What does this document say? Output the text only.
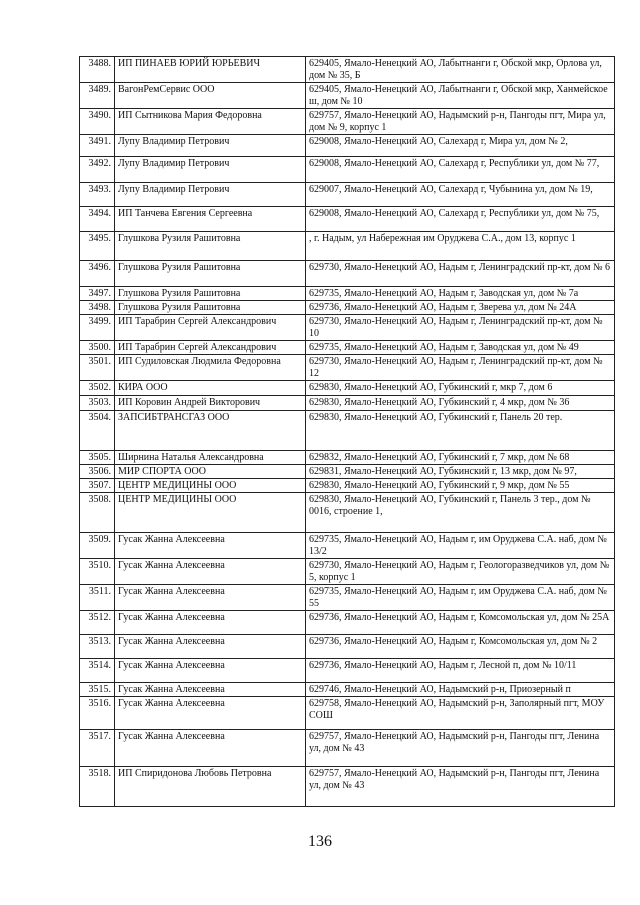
3488.	ИП ПИНАЕВ ЮРИЙ ЮРЬЕВИЧ	629405, Ямало-Ненецкий АО, Лабытнанги г, Обской мкр, Орлова ул, дом № 35, Б
3489.	ВагонРемСервис ООО	629405, Ямало-Ненецкий АО, Лабытнанги г, Обской мкр, Ханмейское ш, дом № 10
3490.	ИП Сытникова Мария Федоровна	629757, Ямало-Ненецкий АО, Надымский р-н, Пангоды пгт, Мира ул, дом № 9, корпус 1
3491.	Лупу Владимир Петрович	629008, Ямало-Ненецкий АО, Салехард г, Мира ул, дом № 2,
3492.	Лупу Владимир Петрович	629008, Ямало-Ненецкий АО, Салехард г, Республики ул, дом № 77,
3493.	Лупу Владимир Петрович	629007, Ямало-Ненецкий АО, Салехард г, Чубынина ул, дом № 19,
3494.	ИП Танчева Евгения Сергеевна	629008, Ямало-Ненецкий АО, Салехард г, Республики ул, дом № 75,
3495.	Глушкова Рузиля Рашитовна	, г. Надым, ул Набережная им Оруджева С.А., дом 13, корпус 1
3496.	Глушкова Рузиля Рашитовна	629730, Ямало-Ненецкий АО, Надым г, Ленинградский пр-кт, дом № 6
3497.	Глушкова Рузиля Рашитовна	629735, Ямало-Ненецкий АО, Надым г, Заводская ул, дом № 7а
3498.	Глушкова Рузиля Рашитовна	629736, Ямало-Ненецкий АО, Надым г, Зверева ул, дом № 24А
3499.	ИП Тарабрин Сергей Александрович	629730, Ямало-Ненецкий АО, Надым г, Ленинградский пр-кт, дом № 10
3500.	ИП Тарабрин Сергей Александрович	629735, Ямало-Ненецкий АО, Надым г, Заводская ул, дом № 49
3501.	ИП Судиловская Людмила Федоровна	629730, Ямало-Ненецкий АО, Надым г, Ленинградский пр-кт, дом № 12
3502.	КИРА ООО	629830, Ямало-Ненецкий АО, Губкинский г, мкр 7, дом 6
3503.	ИП Коровин Андрей Викторович	629830, Ямало-Ненецкий АО, Губкинский г, 4 мкр, дом № 36
3504.	ЗАПСИБТРАНСГАЗ ООО	629830, Ямало-Ненецкий АО, Губкинский г, Панель 20 тер.
3505.	Ширнина Наталья Александровна	629832, Ямало-Ненецкий АО, Губкинский г, 7 мкр, дом № 68
3506.	МИР СПОРТА ООО	629831, Ямало-Ненецкий АО, Губкинский г, 13 мкр, дом № 97,
3507.	ЦЕНТР МЕДИЦИНЫ ООО	629830, Ямало-Ненецкий АО, Губкинский г, 9 мкр, дом № 55
3508.	ЦЕНТР МЕДИЦИНЫ ООО	629830, Ямало-Ненецкий АО, Губкинский г, Панель 3 тер., дом № 0016, строение 1,
3509.	Гусак Жанна Алексеевна	629735, Ямало-Ненецкий АО, Надым г, им Оруджева С.А. наб, дом № 13/2
3510.	Гусак Жанна Алексеевна	629730, Ямало-Ненецкий АО, Надым г, Геологоразведчиков ул, дом № 5, корпус 1
3511.	Гусак Жанна Алексеевна	629735, Ямало-Ненецкий АО, Надым г, им Оруджева С.А. наб, дом № 55
3512.	Гусак Жанна Алексеевна	629736, Ямало-Ненецкий АО, Надым г, Комсомольская ул, дом № 25А
3513.	Гусак Жанна Алексеевна	629736, Ямало-Ненецкий АО, Надым г, Комсомольская ул, дом № 2
3514.	Гусак Жанна Алексеевна	629736, Ямало-Ненецкий АО, Надым г, Лесной п, дом № 10/11
3515.	Гусак Жанна Алексеевна	629746, Ямало-Ненецкий АО, Надымский р-н, Приозерный п
3516.	Гусак Жанна Алексеевна	629758, Ямало-Ненецкий АО, Надымский р-н, Заполярный пгт, МОУ СОШ
3517.	Гусак Жанна Алексеевна	629757, Ямало-Ненецкий АО, Надымский р-н, Пангоды пгт, Ленина ул, дом № 43
3518.	ИП Спиридонова Любовь Петровна	629757, Ямало-Ненецкий АО, Надымский р-н, Пангоды пгт, Ленина ул, дом № 43
136
